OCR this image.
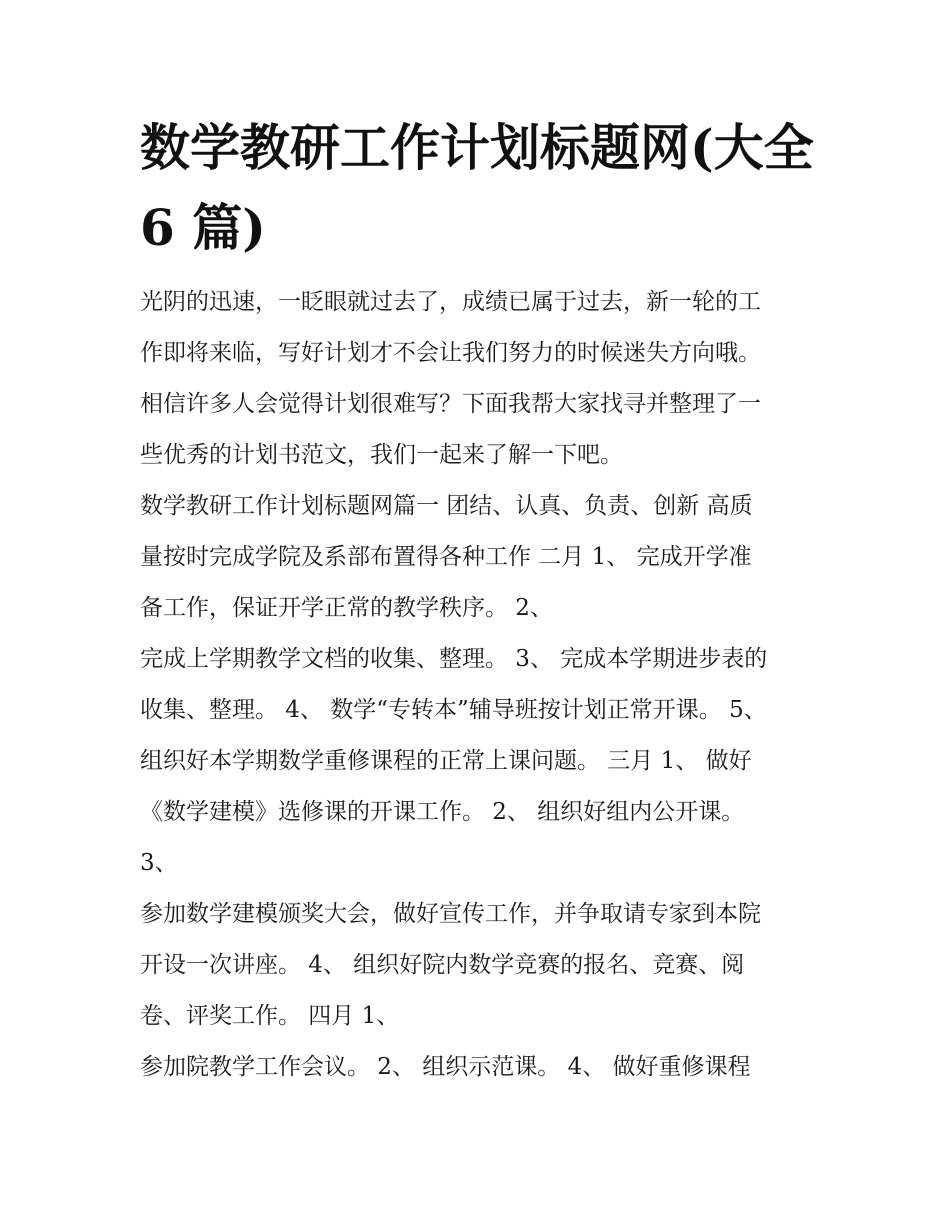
数学教研工作计划标题网(大全
6 篇)
光阴的迅速，一眨眼就过去了，成绩已属于过去，新一轮的工
作即将来临，写好计划才不会让我们努力的时候迷失方向哦。
相信许多人会觉得计划很难写？下面我帮大家找寻并整理了一
些优秀的计划书范文，我们一起来了解一下吧。
数学教研工作计划标题网篇一 团结、认真、负责、创新 高质
量按时完成学院及系部布置得各种工作 二月 1、 完成开学准
备工作，保证开学正常的教学秩序。 2、
完成上学期教学文档的收集、整理。 3、 完成本学期进步表的
收集、整理。 4、 数学“专转本”辅导班按计划正常开课。 5、
组织好本学期数学重修课程的正常上课问题。 三月 1、 做好
《数学建模》选修课的开课工作。 2、 组织好组内公开课。
3、
参加数学建模颁奖大会，做好宣传工作，并争取请专家到本院
开设一次讲座。 4、 组织好院内数学竞赛的报名、竞赛、阅
卷、评奖工作。 四月 1、
参加院教学工作会议。 2、 组织示范课。 4、 做好重修课程
